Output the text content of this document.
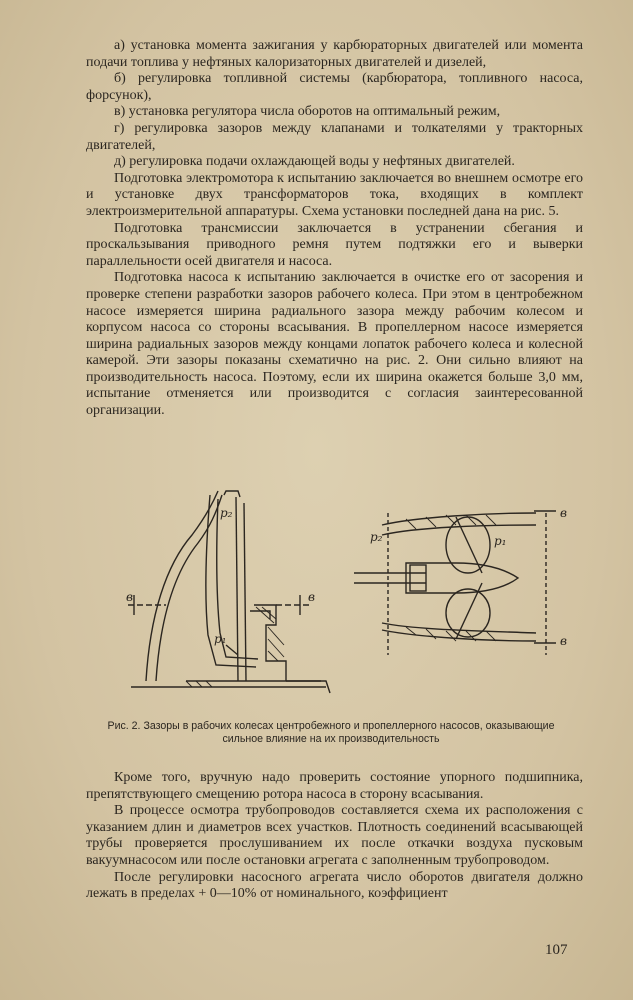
а) установка момента зажигания у карбюраторных двигателей или момента подачи топлива у нефтяных калоризаторных двигателей и дизелей,

б) регулировка топливной системы (карбюратора, топливного насоса, форсунок),

в) установка регулятора числа оборотов на оптимальный режим,

г) регулировка зазоров между клапанами и толкателями у тракторных двигателей,

д) регулировка подачи охлаждающей воды у нефтяных двигателей.

Подготовка электромотора к испытанию заключается во внешнем осмотре его и установке двух трансформаторов тока, входящих в комплект электроизмерительной аппаратуры. Схема установки последней дана на рис. 5.

Подготовка трансмиссии заключается в устранении сбегания и проскальзывания приводного ремня путем подтяжки его и выверки параллельности осей двигателя и насоса.

Подготовка насоса к испытанию заключается в очистке его от засорения и проверке степени разработки зазоров рабочего колеса. При этом в центробежном насосе измеряется ширина радиального зазора между рабочим колесом и корпусом насоса со стороны всасывания. В пропеллерном насосе измеряется ширина радиальных зазоров между концами лопаток рабочего колеса и колесной камерой. Эти зазоры показаны схематично на рис. 2. Они сильно влияют на производительность насоса. Поэтому, если их ширина окажется больше 3,0 мм, испытание отменяется или производится с согласия заинтересованной организации.

p₂
p₁
в	в
p₂	p₁
в
в
Рис. 2. Зазоры в рабочих колесах центробежного и пропеллерного насосов, оказывающие сильное влияние на их производительность

Кроме того, вручную надо проверить состояние упорного подшипника, препятствующего смещению ротора насоса в сторону всасывания.

В процессе осмотра трубопроводов составляется схема их расположения с указанием длин и диаметров всех участков. Плотность соединений всасывающей трубы проверяется прослушиванием их после откачки воздуха пусковым вакуумнасосом или после остановки агрегата с заполненным трубопроводом.

После регулировки насосного агрегата число оборотов двигателя должно лежать в пределах + 0—10% от номинального, коэффициент

107
